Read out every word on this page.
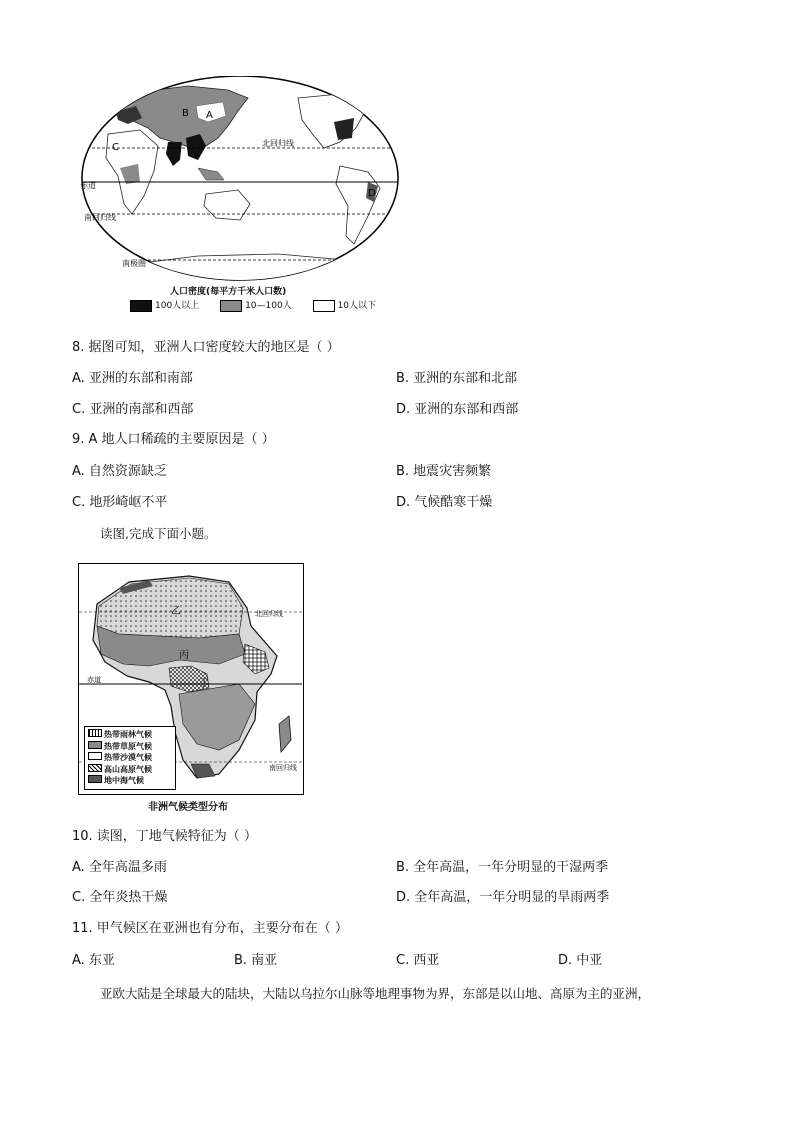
A
B
C
D
北回归线
赤道
南回归线
南极圈
人口密度(每平方千米人口数)
100人以上	10—100人	10人以下
8. 据图可知，亚洲人口密度较大的地区是（ ）
A. 亚洲的东部和南部	B. 亚洲的东部和北部
C. 亚洲的南部和西部	D. 亚洲的东部和西部
9. A 地人口稀疏的主要原因是（ ）
A. 自然资源缺乏	B. 地震灾害频繁
C. 地形崎岖不平	D. 气候酷寒干燥
读图,完成下面小题。
乙
丙
丁
北回归线
赤道
南回归线
热带雨林气候
热带草原气候
热带沙漠气候
高山高原气候
地中海气候
非洲气候类型分布
10. 读图，丁地气候特征为（ ）
A. 全年高温多雨	B. 全年高温，一年分明显的干湿两季
C. 全年炎热干燥	D. 全年高温，一年分明显的旱雨两季
11. 甲气候区在亚洲也有分布，主要分布在（ ）
A. 东亚	B. 南亚	C. 西亚	D. 中亚
亚欧大陆是全球最大的陆块，大陆以乌拉尔山脉等地理事物为界，东部是以山地、高原为主的亚洲，
